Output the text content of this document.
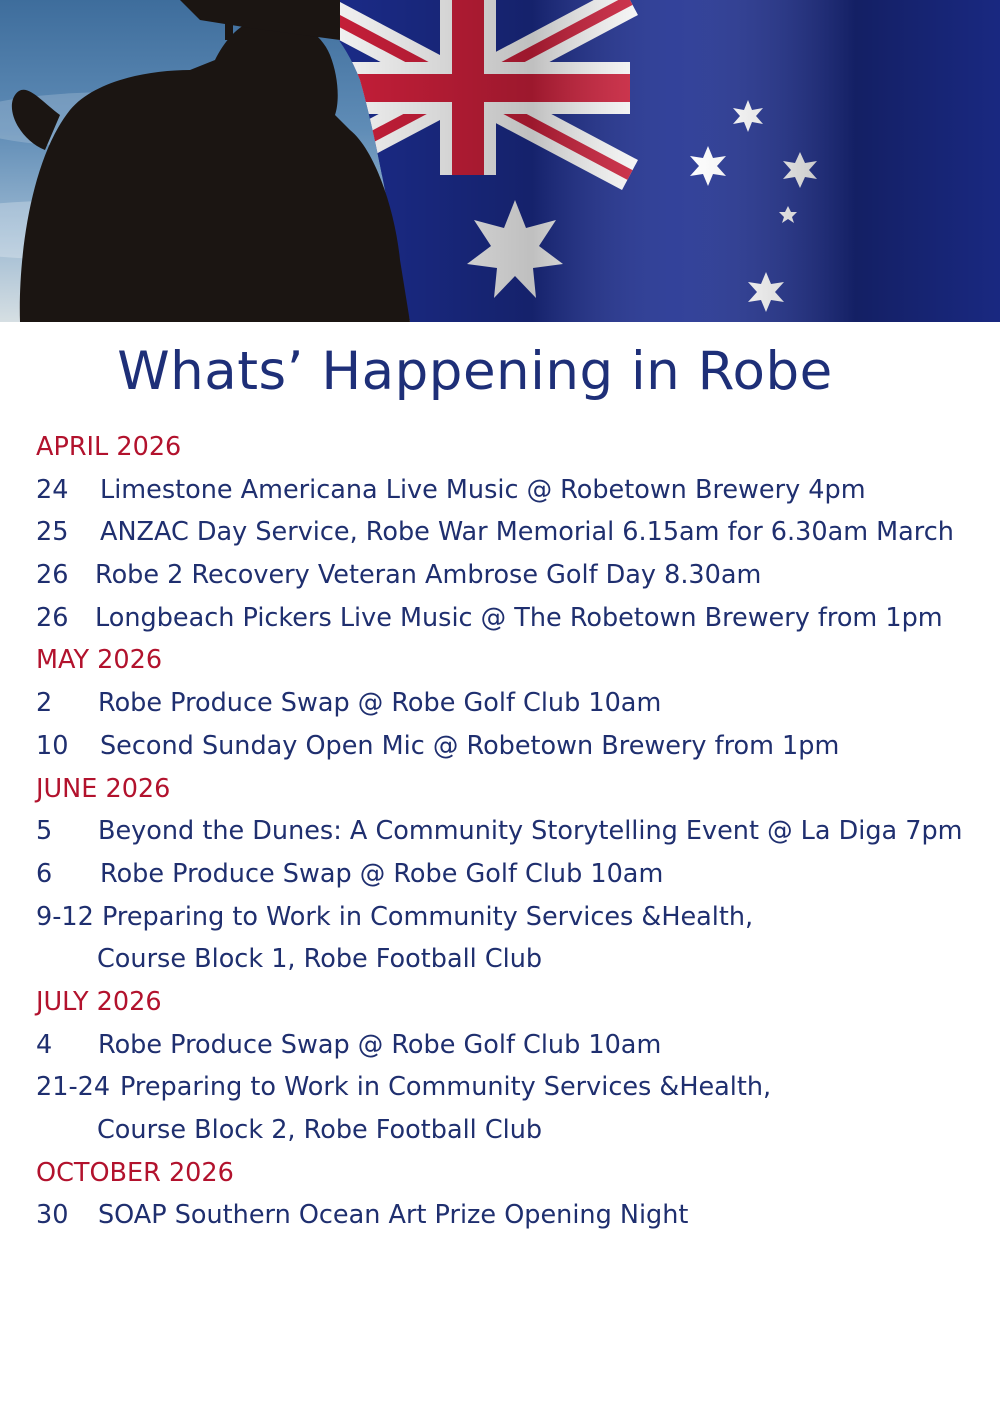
Whats’ Happening in Robe
APRIL 2026
24 Limestone Americana Live Music @ Robetown Brewery 4pm
25 ANZAC Day Service, Robe War Memorial 6.15am for 6.30am March
26 Robe 2 Recovery Veteran Ambrose Golf Day 8.30am
26 Longbeach Pickers Live Music @ The Robetown Brewery from 1pm
MAY 2026
2 Robe Produce Swap @ Robe Golf Club 10am
10 Second Sunday Open Mic @ Robetown Brewery from 1pm
JUNE 2026
5 Beyond the Dunes: A Community Storytelling Event @ La Diga 7pm
6 Robe Produce Swap @ Robe Golf Club 10am
9-12 Preparing to Work in Community Services &Health,
Course Block 1, Robe Football Club
JULY 2026
4 Robe Produce Swap @ Robe Golf Club 10am
21-24 Preparing to Work in Community Services &Health,
Course Block 2, Robe Football Club
OCTOBER 2026
30 SOAP Southern Ocean Art Prize Opening Night
